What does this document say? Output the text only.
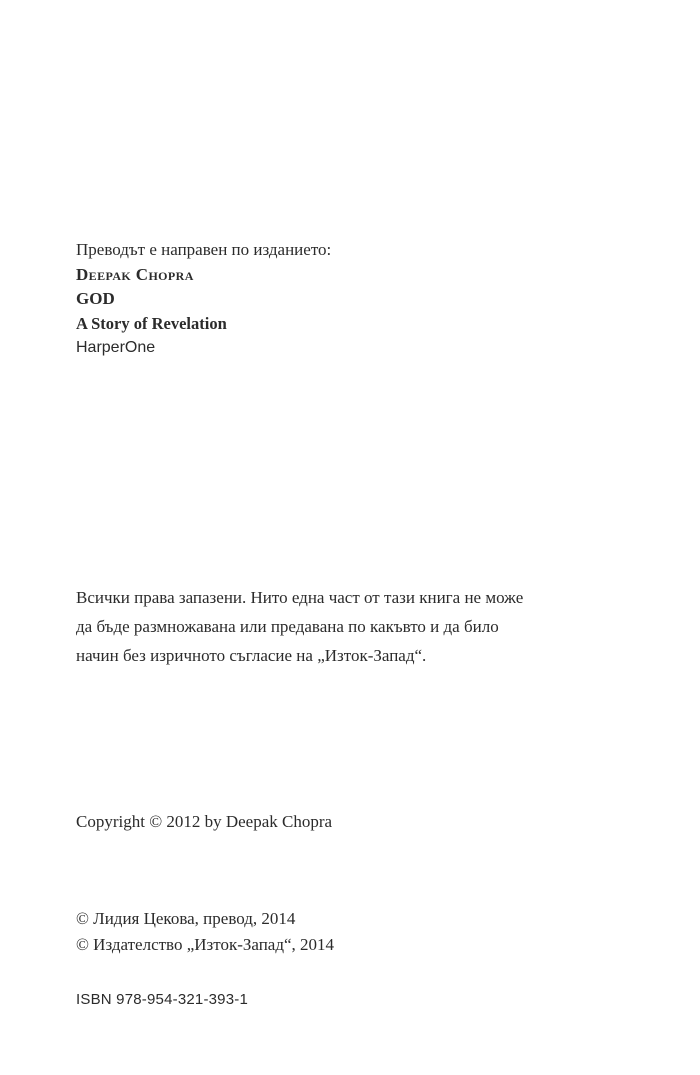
Преводът е направен по изданието:
Deepak Chopra
GOD
A Story of Revelation
HarperOne
Всички права запазени. Нито една част от тази книга не може
да бъде размножавана или предавана по какъвто и да било
начин без изричното съгласие на „Изток-Запад“.
Copyright © 2012 by Deepak Chopra
© Лидия Цекова, превод, 2014
© Издателство „Изток-Запад“, 2014
ISBN 978-954-321-393-1
